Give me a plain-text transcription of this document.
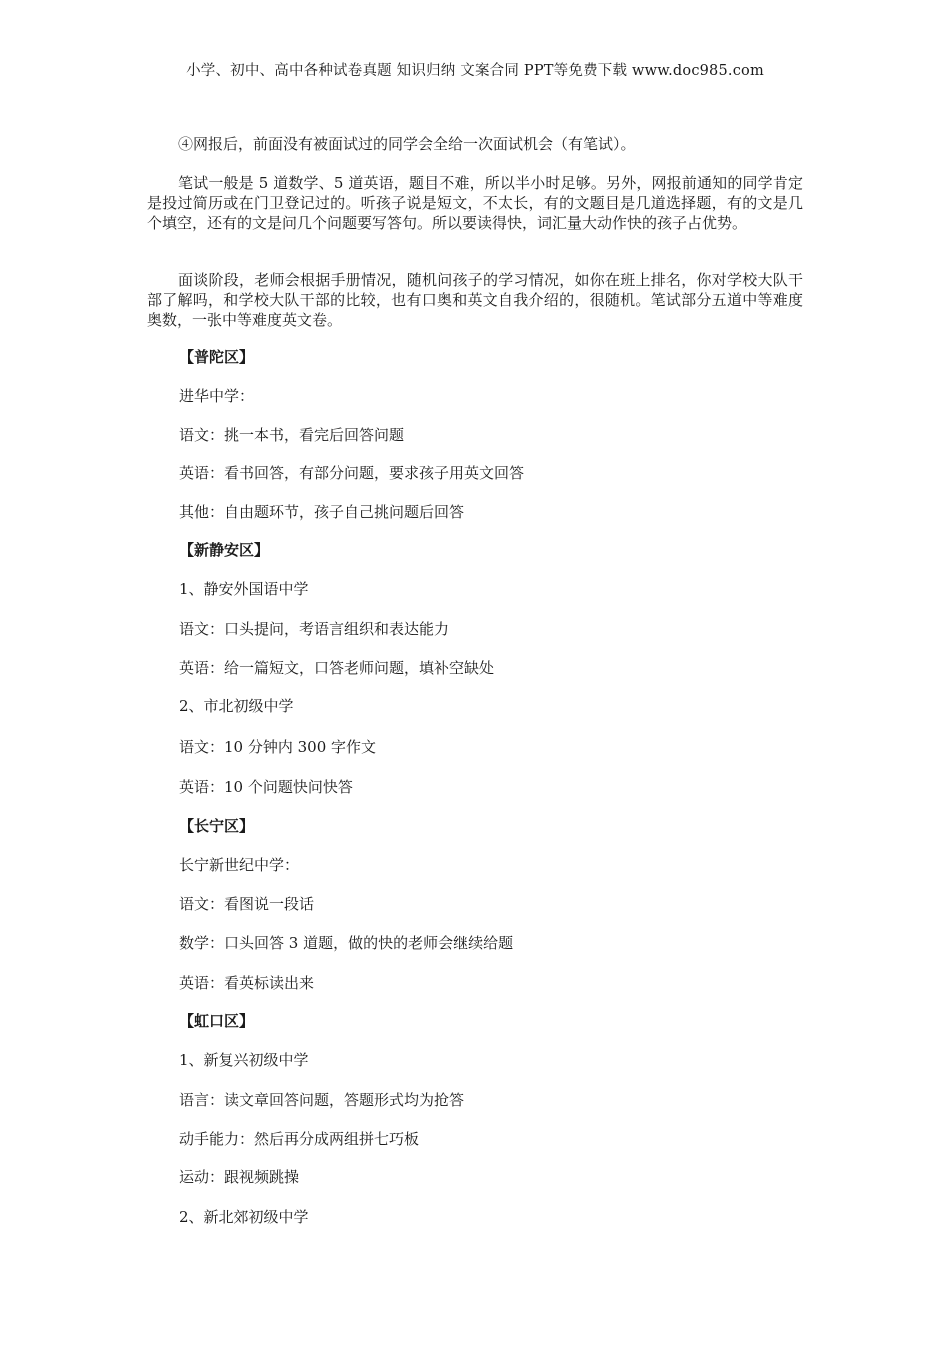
小学、初中、高中各种试卷真题 知识归纳 文案合同 PPT等免费下载 www.doc985.com

④网报后，前面没有被面试过的同学会全给一次面试机会（有笔试）。

笔试一般是 5 道数学、5 道英语，题目不难，所以半小时足够。另外，网报前通知的同学肯定是投过简历或在门卫登记过的。听孩子说是短文，不太长，有的文题目是几道选择题，有的文是几个填空，还有的文是问几个问题要写答句。所以要读得快，词汇量大动作快的孩子占优势。

面谈阶段，老师会根据手册情况，随机问孩子的学习情况，如你在班上排名，你对学校大队干部了解吗，和学校大队干部的比较，也有口奥和英文自我介绍的，很随机。笔试部分五道中等难度奥数，一张中等难度英文卷。

【普陀区】

进华中学：

语文：挑一本书，看完后回答问题

英语：看书回答，有部分问题，要求孩子用英文回答

其他：自由题环节，孩子自己挑问题后回答

【新静安区】

1、静安外国语中学

语文：口头提问，考语言组织和表达能力

英语：给一篇短文，口答老师问题，填补空缺处

2、市北初级中学

语文：10 分钟内 300 字作文

英语：10 个问题快问快答

【长宁区】

长宁新世纪中学：

语文：看图说一段话

数学：口头回答 3 道题，做的快的老师会继续给题

英语：看英标读出来

【虹口区】

1、新复兴初级中学

语言：读文章回答问题，答题形式均为抢答

动手能力：然后再分成两组拼七巧板

运动：跟视频跳操

2、新北郊初级中学
